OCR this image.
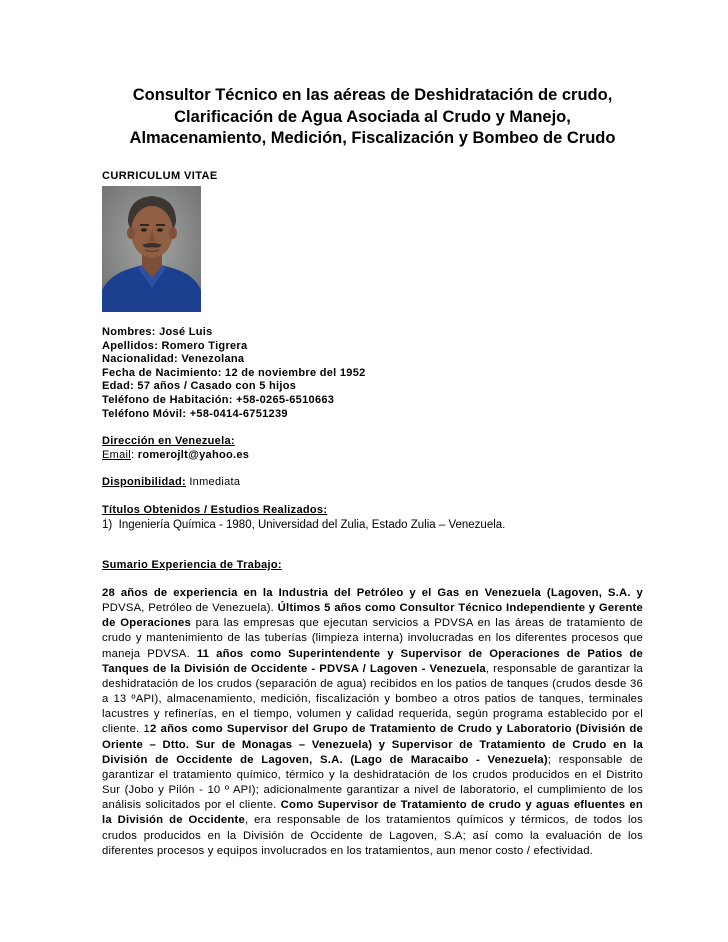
Consultor Técnico en las aéreas de Deshidratación de crudo,
Clarificación de Agua Asociada al Crudo y Manejo,
Almacenamiento, Medición, Fiscalización y Bombeo de Crudo
CURRICULUM VITAE
Nombres: José Luis
Apellidos: Romero Tigrera
Nacionalidad: Venezolana
Fecha de Nacimiento: 12 de noviembre del 1952
Edad: 57 años / Casado con 5 hijos
Teléfono de Habitación: +58-0265-6510663
Teléfono Móvil: +58-0414-6751239
Dirección en Venezuela:
Email: romerojlt@yahoo.es
Disponibilidad: Inmediata
Títulos Obtenidos / Estudios Realizados:
1) Ingeniería Química - 1980, Universidad del Zulia, Estado Zulia – Venezuela.
Sumario Experiencia de Trabajo:

28 años de experiencia en la Industria del Petróleo y el Gas en Venezuela (Lagoven, S.A. y PDVSA, Petróleo de Venezuela). Últimos 5 años como Consultor Técnico Independiente y Gerente de Operaciones para las empresas que ejecutan servicios a PDVSA en las áreas de tratamiento de crudo y mantenimiento de las tuberías (limpieza interna) involucradas en los diferentes procesos que maneja PDVSA. 11 años como Superintendente y Supervisor de Operaciones de Patios de Tanques de la División de Occidente - PDVSA / Lagoven - Venezuela, responsable de garantizar la deshidratación de los crudos (separación de agua) recibidos en los patios de tanques (crudos desde 36 a 13 ºAPI), almacenamiento, medición, fiscalización y bombeo a otros patios de tanques, terminales lacustres y refinerías, en el tiempo, volumen y calidad requerida, según programa establecido por el cliente. 12 años como Supervisor del Grupo de Tratamiento de Crudo y Laboratorio (División de Oriente – Dtto. Sur de Monagas – Venezuela) y Supervisor de Tratamiento de Crudo en la División de Occidente de Lagoven, S.A. (Lago de Maracaibo - Venezuela); responsable de garantizar el tratamiento químico, térmico y la deshidratación de los crudos producidos en el Distrito Sur (Jobo y Pilón - 10 º API); adicionalmente garantizar a nivel de laboratorio, el cumplimiento de los análisis solicitados por el cliente. Como Supervisor de Tratamiento de crudo y aguas efluentes en la División de Occidente, era responsable de los tratamientos químicos y térmicos, de todos los crudos producidos en la División de Occidente de Lagoven, S.A; así como la evaluación de los diferentes procesos y equipos involucrados en los tratamientos, aun menor costo / efectividad.
